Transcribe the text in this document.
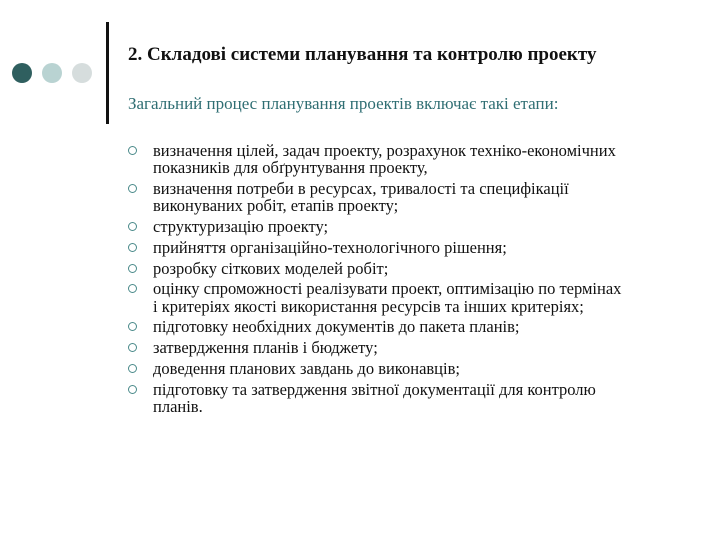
2. Складові системи планування та контролю проекту
Загальний процес планування проектів включає такі етапи:
визначення цілей, задач проекту, розрахунок техніко-економічних показників для обґрунтування проекту,
визначення потреби в ресурсах, тривалості та специфікації виконуваних робіт, етапів проекту;
структуризацію проекту;
прийняття організаційно-технологічного рішення;
розробку сіткових моделей робіт;
оцінку спроможності реалізувати проект, оптимізацію по термінах і критеріях якості використання ресурсів та інших критеріях;
підготовку необхідних документів до пакета планів;
затвердження планів і бюджету;
доведення планових завдань до виконавців;
підготовку та затвердження звітної документації для контролю планів.
